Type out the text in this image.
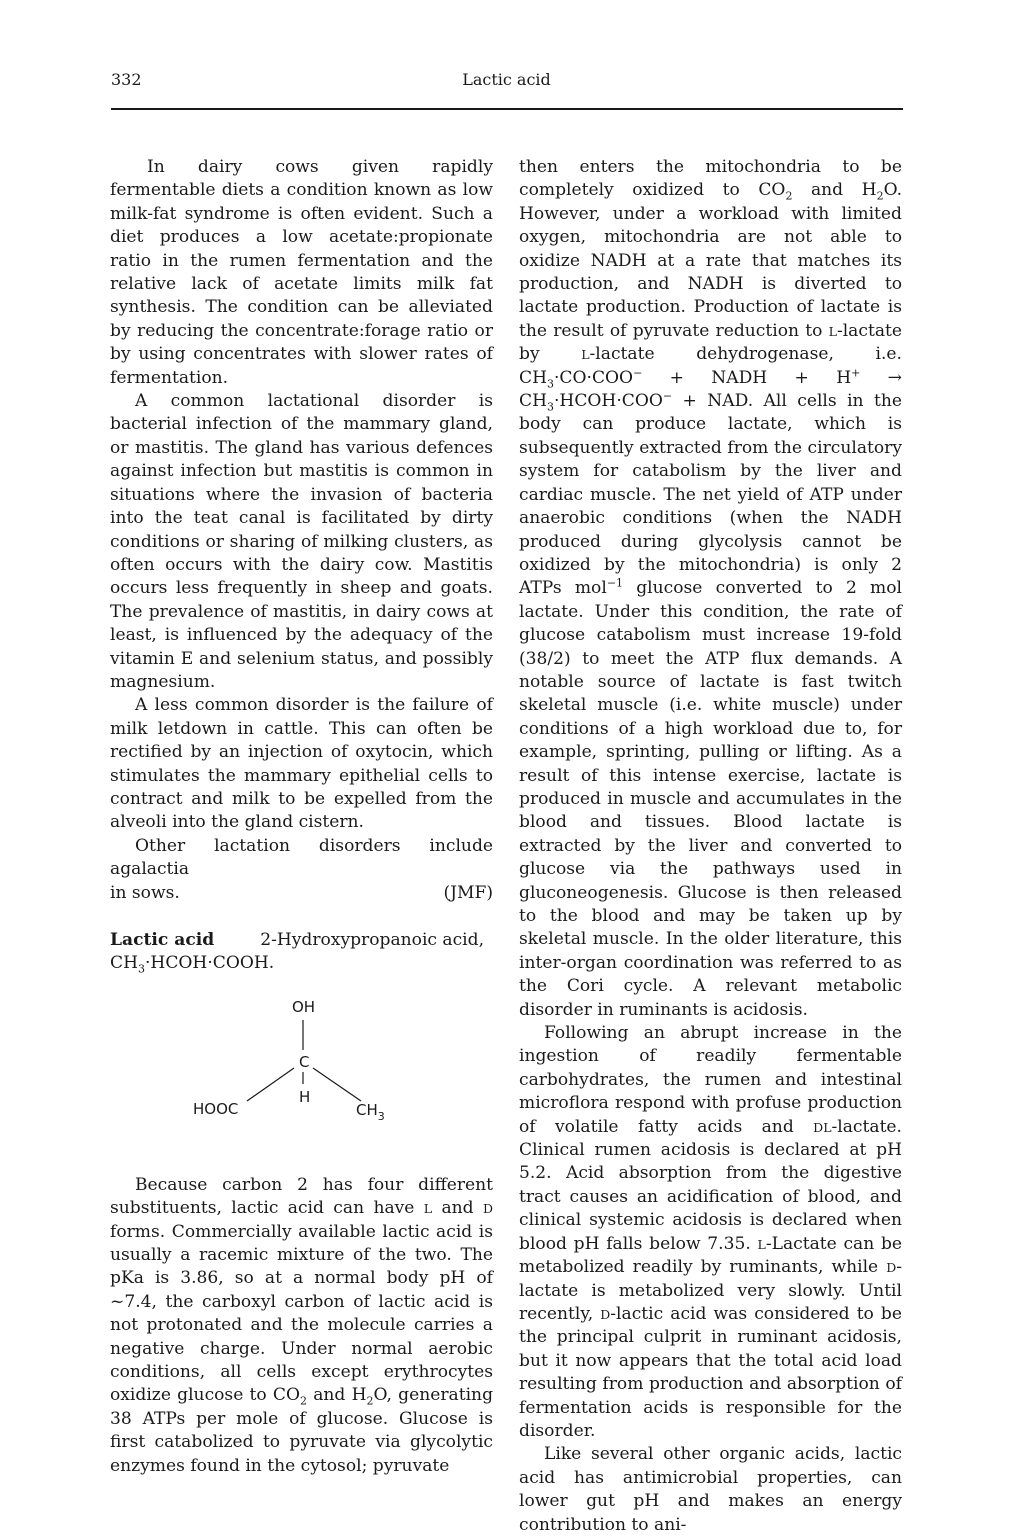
332	Lactic acid

In dairy cows given rapidly fermentable diets a condition known as low milk-fat syndrome is often evident. Such a diet produces a low acetate:propionate ratio in the rumen fermentation and the relative lack of acetate limits milk fat synthesis. The condition can be alleviated by reducing the concentrate:forage ratio or by using concentrates with slower rates of fermentation.

A common lactational disorder is bacterial infection of the mammary gland, or mastitis. The gland has various defences against infection but mastitis is common in situations where the invasion of bacteria into the teat canal is facilitated by dirty conditions or sharing of milking clusters, as often occurs with the dairy cow. Mastitis occurs less frequently in sheep and goats. The prevalence of mastitis, in dairy cows at least, is influenced by the adequacy of the vitamin E and selenium status, and possibly magnesium.

A less common disorder is the failure of milk letdown in cattle. This can often be rectified by an injection of oxytocin, which stimulates the mammary epithelial cells to contract and milk to be expelled from the alveoli into the gland cistern.

Other lactation disorders include agalactia

in sows.	(JMF)

Lactic acid	2-Hydroxypropanoic acid,
$CH_3\cdot HCOH\cdot COOH$.

OH
C
H
HOOC	$CH_3$

Because carbon 2 has four different substituents, lactic acid can have L and D forms. Commercially available lactic acid is usually a racemic mixture of the two. The pKa is 3.86, so at a normal body pH of ~7.4, the carboxyl carbon of lactic acid is not protonated and the molecule carries a negative charge. Under normal aerobic conditions, all cells except erythrocytes oxidize glucose to $CO_2$ and $H_2O$, generating 38 ATPs per mole of glucose. Glucose is first catabolized to pyruvate via glycolytic enzymes found in the cytosol; pyruvate

then enters the mitochondria to be completely oxidized to $CO_2$ and $H_2O$. However, under a workload with limited oxygen, mitochondria are not able to oxidize NADH at a rate that matches its production, and NADH is diverted to lactate production. Production of lactate is the result of pyruvate reduction to L-lactate by L-lactate dehydrogenase, i.e. $CH_3\cdot CO\cdot COO^-$ + NADH + $H^+ \to CH_3\cdot HCOH\cdot COO^-$ + NAD. All cells in the body can produce lactate, which is subsequently extracted from the circulatory system for catabolism by the liver and cardiac muscle. The net yield of ATP under anaerobic conditions (when the NADH produced during glycolysis cannot be oxidized by the mitochondria) is only 2 ATPs mol$^{-1}$ glucose converted to 2 mol lactate. Under this condition, the rate of glucose catabolism must increase 19-fold (38/2) to meet the ATP flux demands. A notable source of lactate is fast twitch skeletal muscle (i.e. white muscle) under conditions of a high workload due to, for example, sprinting, pulling or lifting. As a result of this intense exercise, lactate is produced in muscle and accumulates in the blood and tissues. Blood lactate is extracted by the liver and converted to glucose via the pathways used in gluconeogenesis. Glucose is then released to the blood and may be taken up by skeletal muscle. In the older literature, this inter-organ coordination was referred to as the Cori cycle. A relevant metabolic disorder in ruminants is acidosis.

Following an abrupt increase in the ingestion of readily fermentable carbohydrates, the rumen and intestinal microflora respond with profuse production of volatile fatty acids and DL-lactate. Clinical rumen acidosis is declared at pH 5.2. Acid absorption from the digestive tract causes an acidification of blood, and clinical systemic acidosis is declared when blood pH falls below 7.35. L-Lactate can be metabolized readily by ruminants, while D-lactate is metabolized very slowly. Until recently, D-lactic acid was considered to be the principal culprit in ruminant acidosis, but it now appears that the total acid load resulting from production and absorption of fermentation acids is responsible for the disorder.

Like several other organic acids, lactic acid has antimicrobial properties, can lower gut pH and makes an energy contribution to ani-
